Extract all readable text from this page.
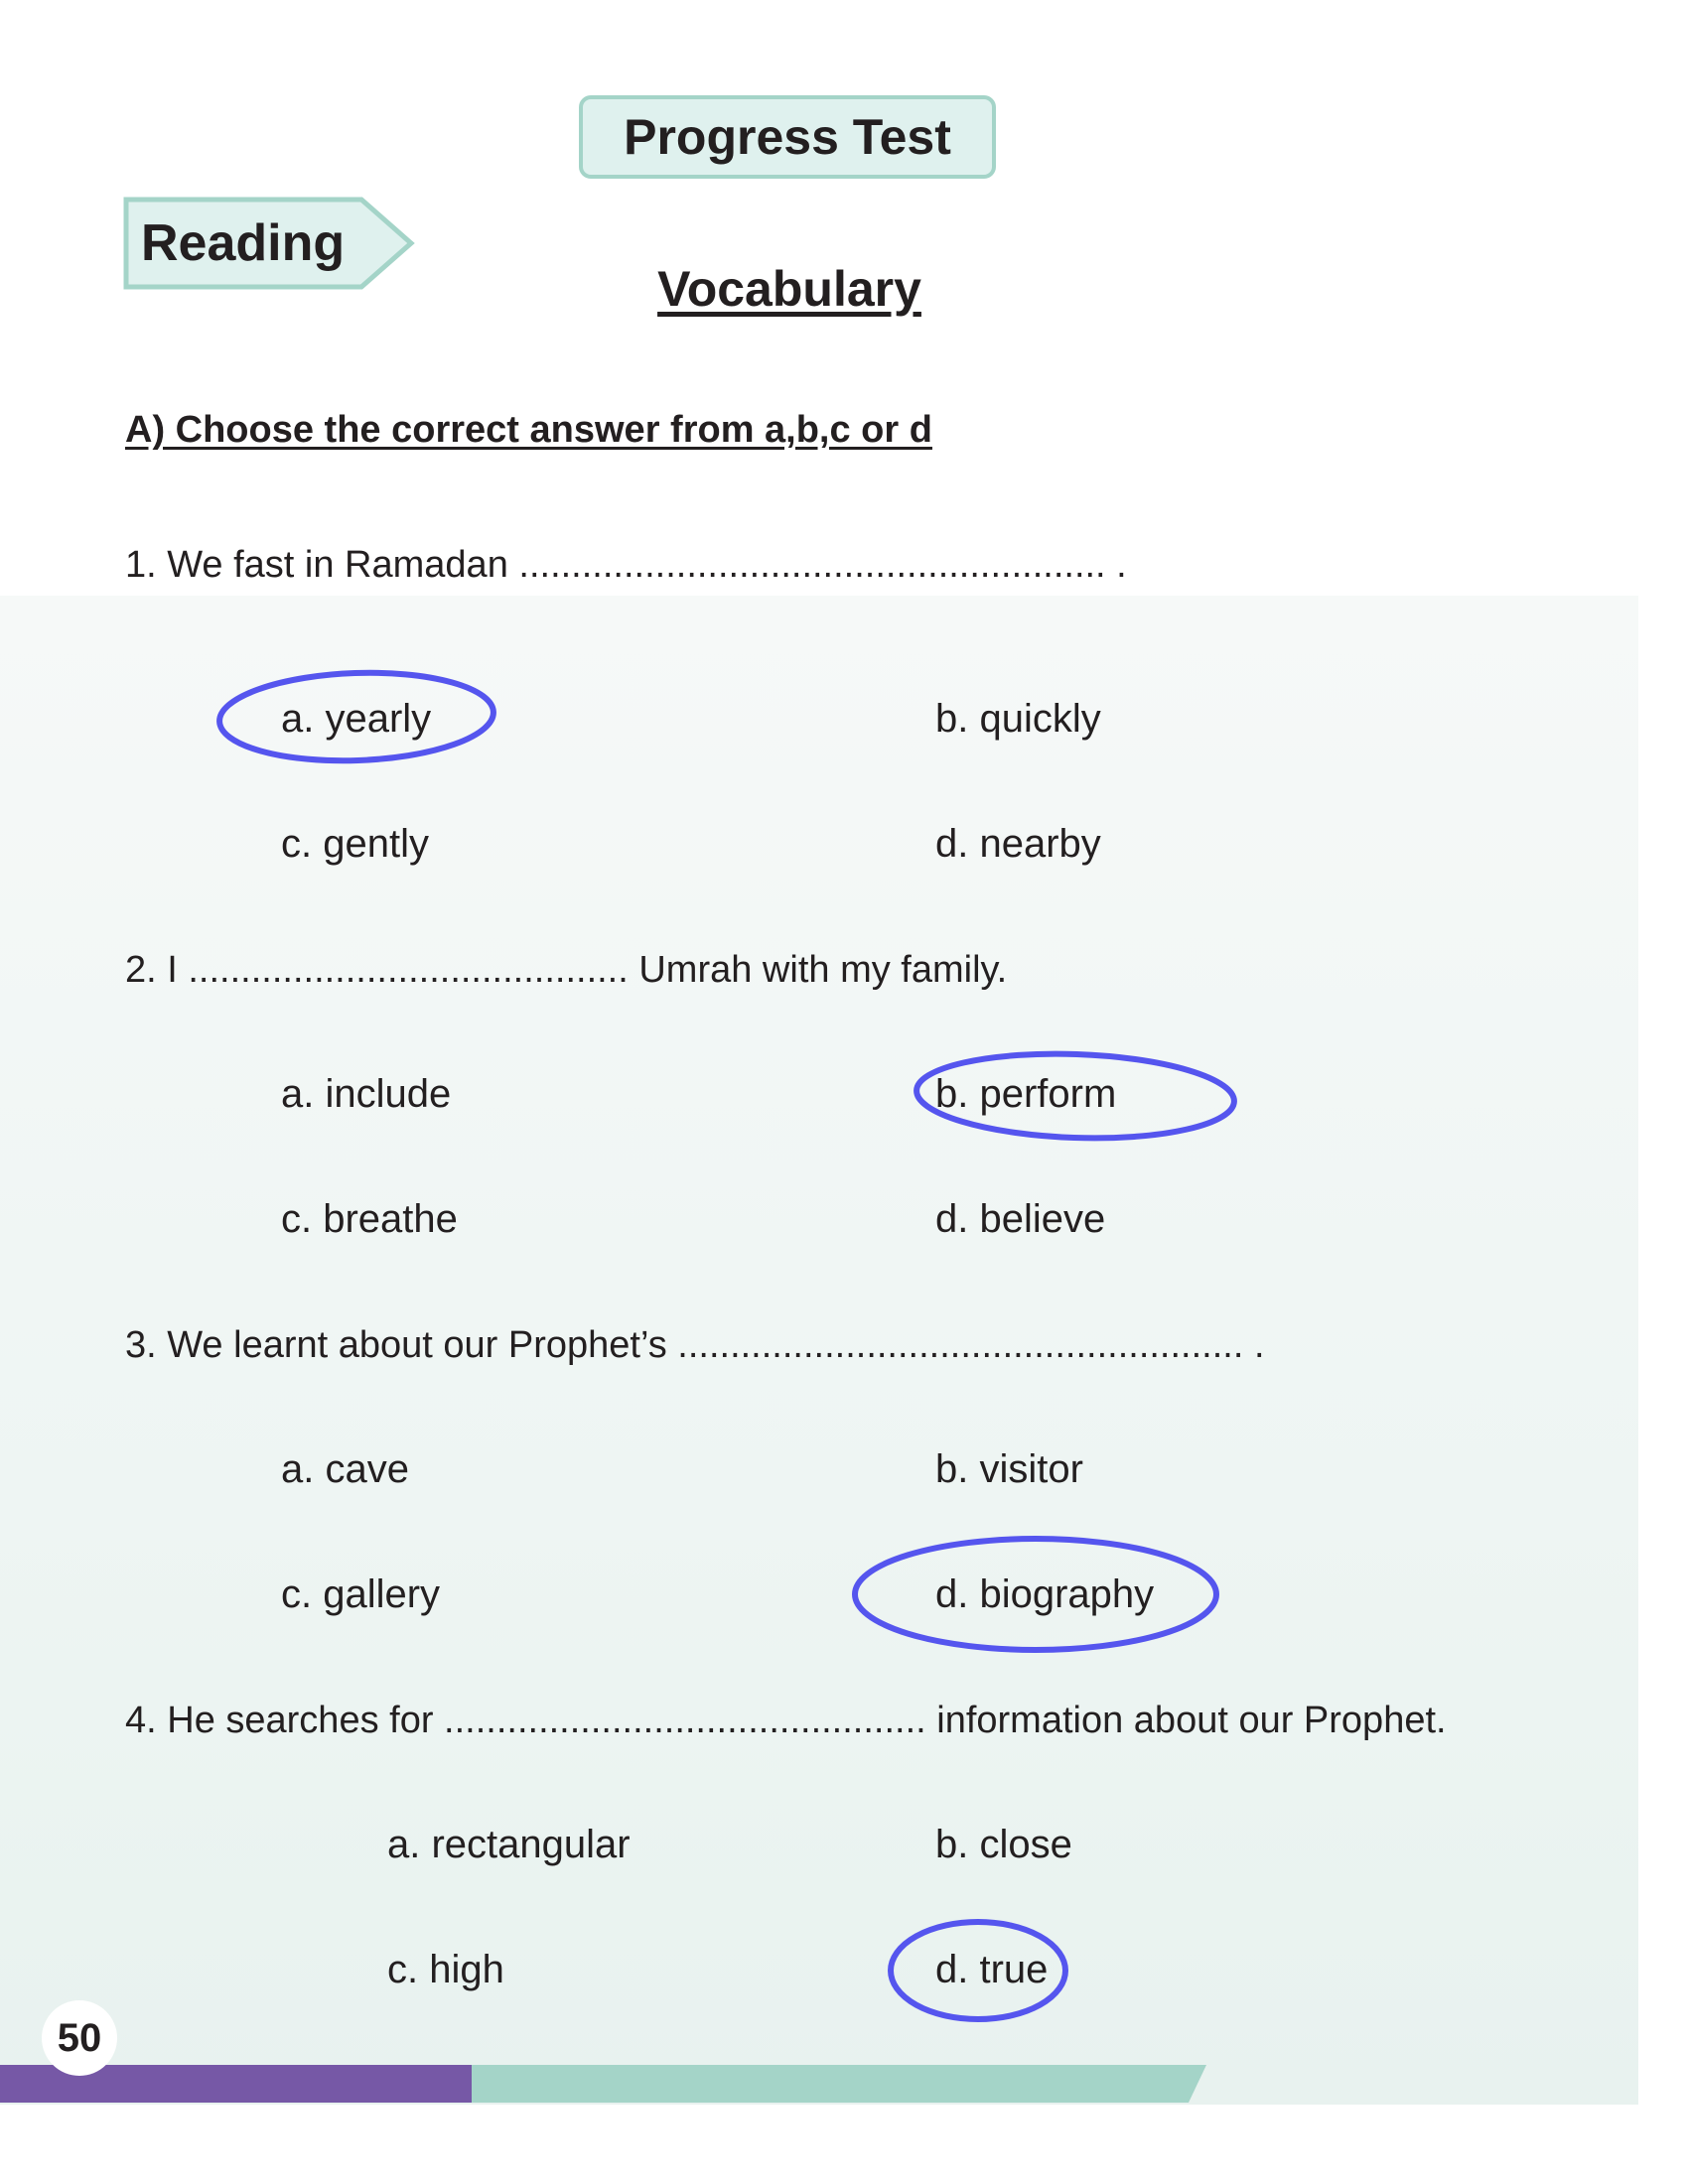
Progress Test
Reading
Vocabulary
A) Choose the correct answer from a,b,c or d
1. We fast in Ramadan ........................................................ .
a. yearly	b. quickly
c. gently	d. nearby
2. I .......................................... Umrah with my family.
a. include	b. perform
c. breathe	d. believe
3. We learnt about our Prophet’s ...................................................... .
a. cave	b. visitor
c. gallery	d. biography
4. He searches for .............................................. information about our Prophet.
a. rectangular	b. close
c. high	d. true
50
